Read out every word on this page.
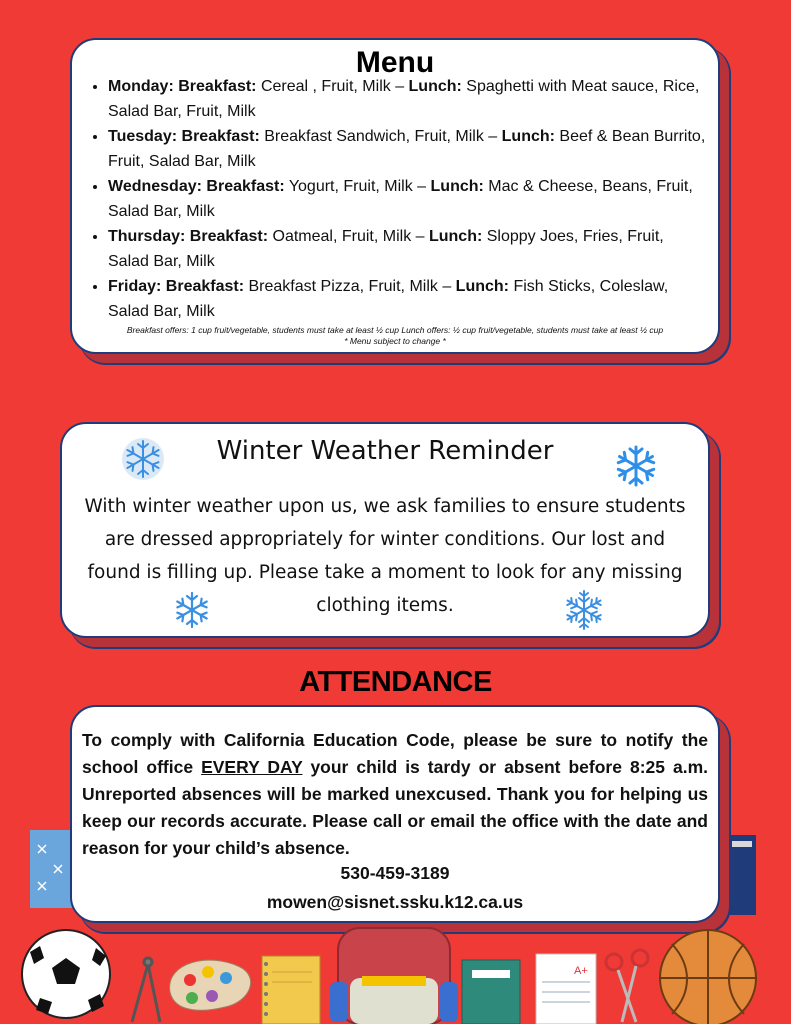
Menu
• Monday: Breakfast: Cereal , Fruit, Milk – Lunch: Spaghetti with Meat sauce, Rice, Salad Bar, Fruit, Milk
• Tuesday: Breakfast: Breakfast Sandwich, Fruit, Milk – Lunch: Beef & Bean Burrito, Fruit, Salad Bar, Milk
• Wednesday: Breakfast: Yogurt, Fruit, Milk – Lunch: Mac & Cheese, Beans, Fruit, Salad Bar, Milk
• Thursday: Breakfast: Oatmeal, Fruit, Milk – Lunch: Sloppy Joes, Fries, Fruit, Salad Bar, Milk
• Friday: Breakfast: Breakfast Pizza, Fruit, Milk – Lunch: Fish Sticks, Coleslaw, Salad Bar, Milk
Breakfast offers: 1 cup fruit/vegetable, students must take at least ½ cup Lunch offers: ½ cup fruit/vegetable, students must take at least ½ cup
* Menu subject to change *
Winter Weather Reminder
With winter weather upon us, we ask families to ensure students are dressed appropriately for winter conditions. Our lost and found is filling up. Please take a moment to look for any missing clothing items.
ATTENDANCE
To comply with California Education Code, please be sure to notify the school office EVERY DAY your child is tardy or absent before 8:25 a.m. Unreported absences will be marked unexcused. Thank you for helping us keep our records accurate. Please call or email the office with the date and reason for your child’s absence.
530-459-3189
mowen@sisnet.ssku.k12.ca.us
A+
